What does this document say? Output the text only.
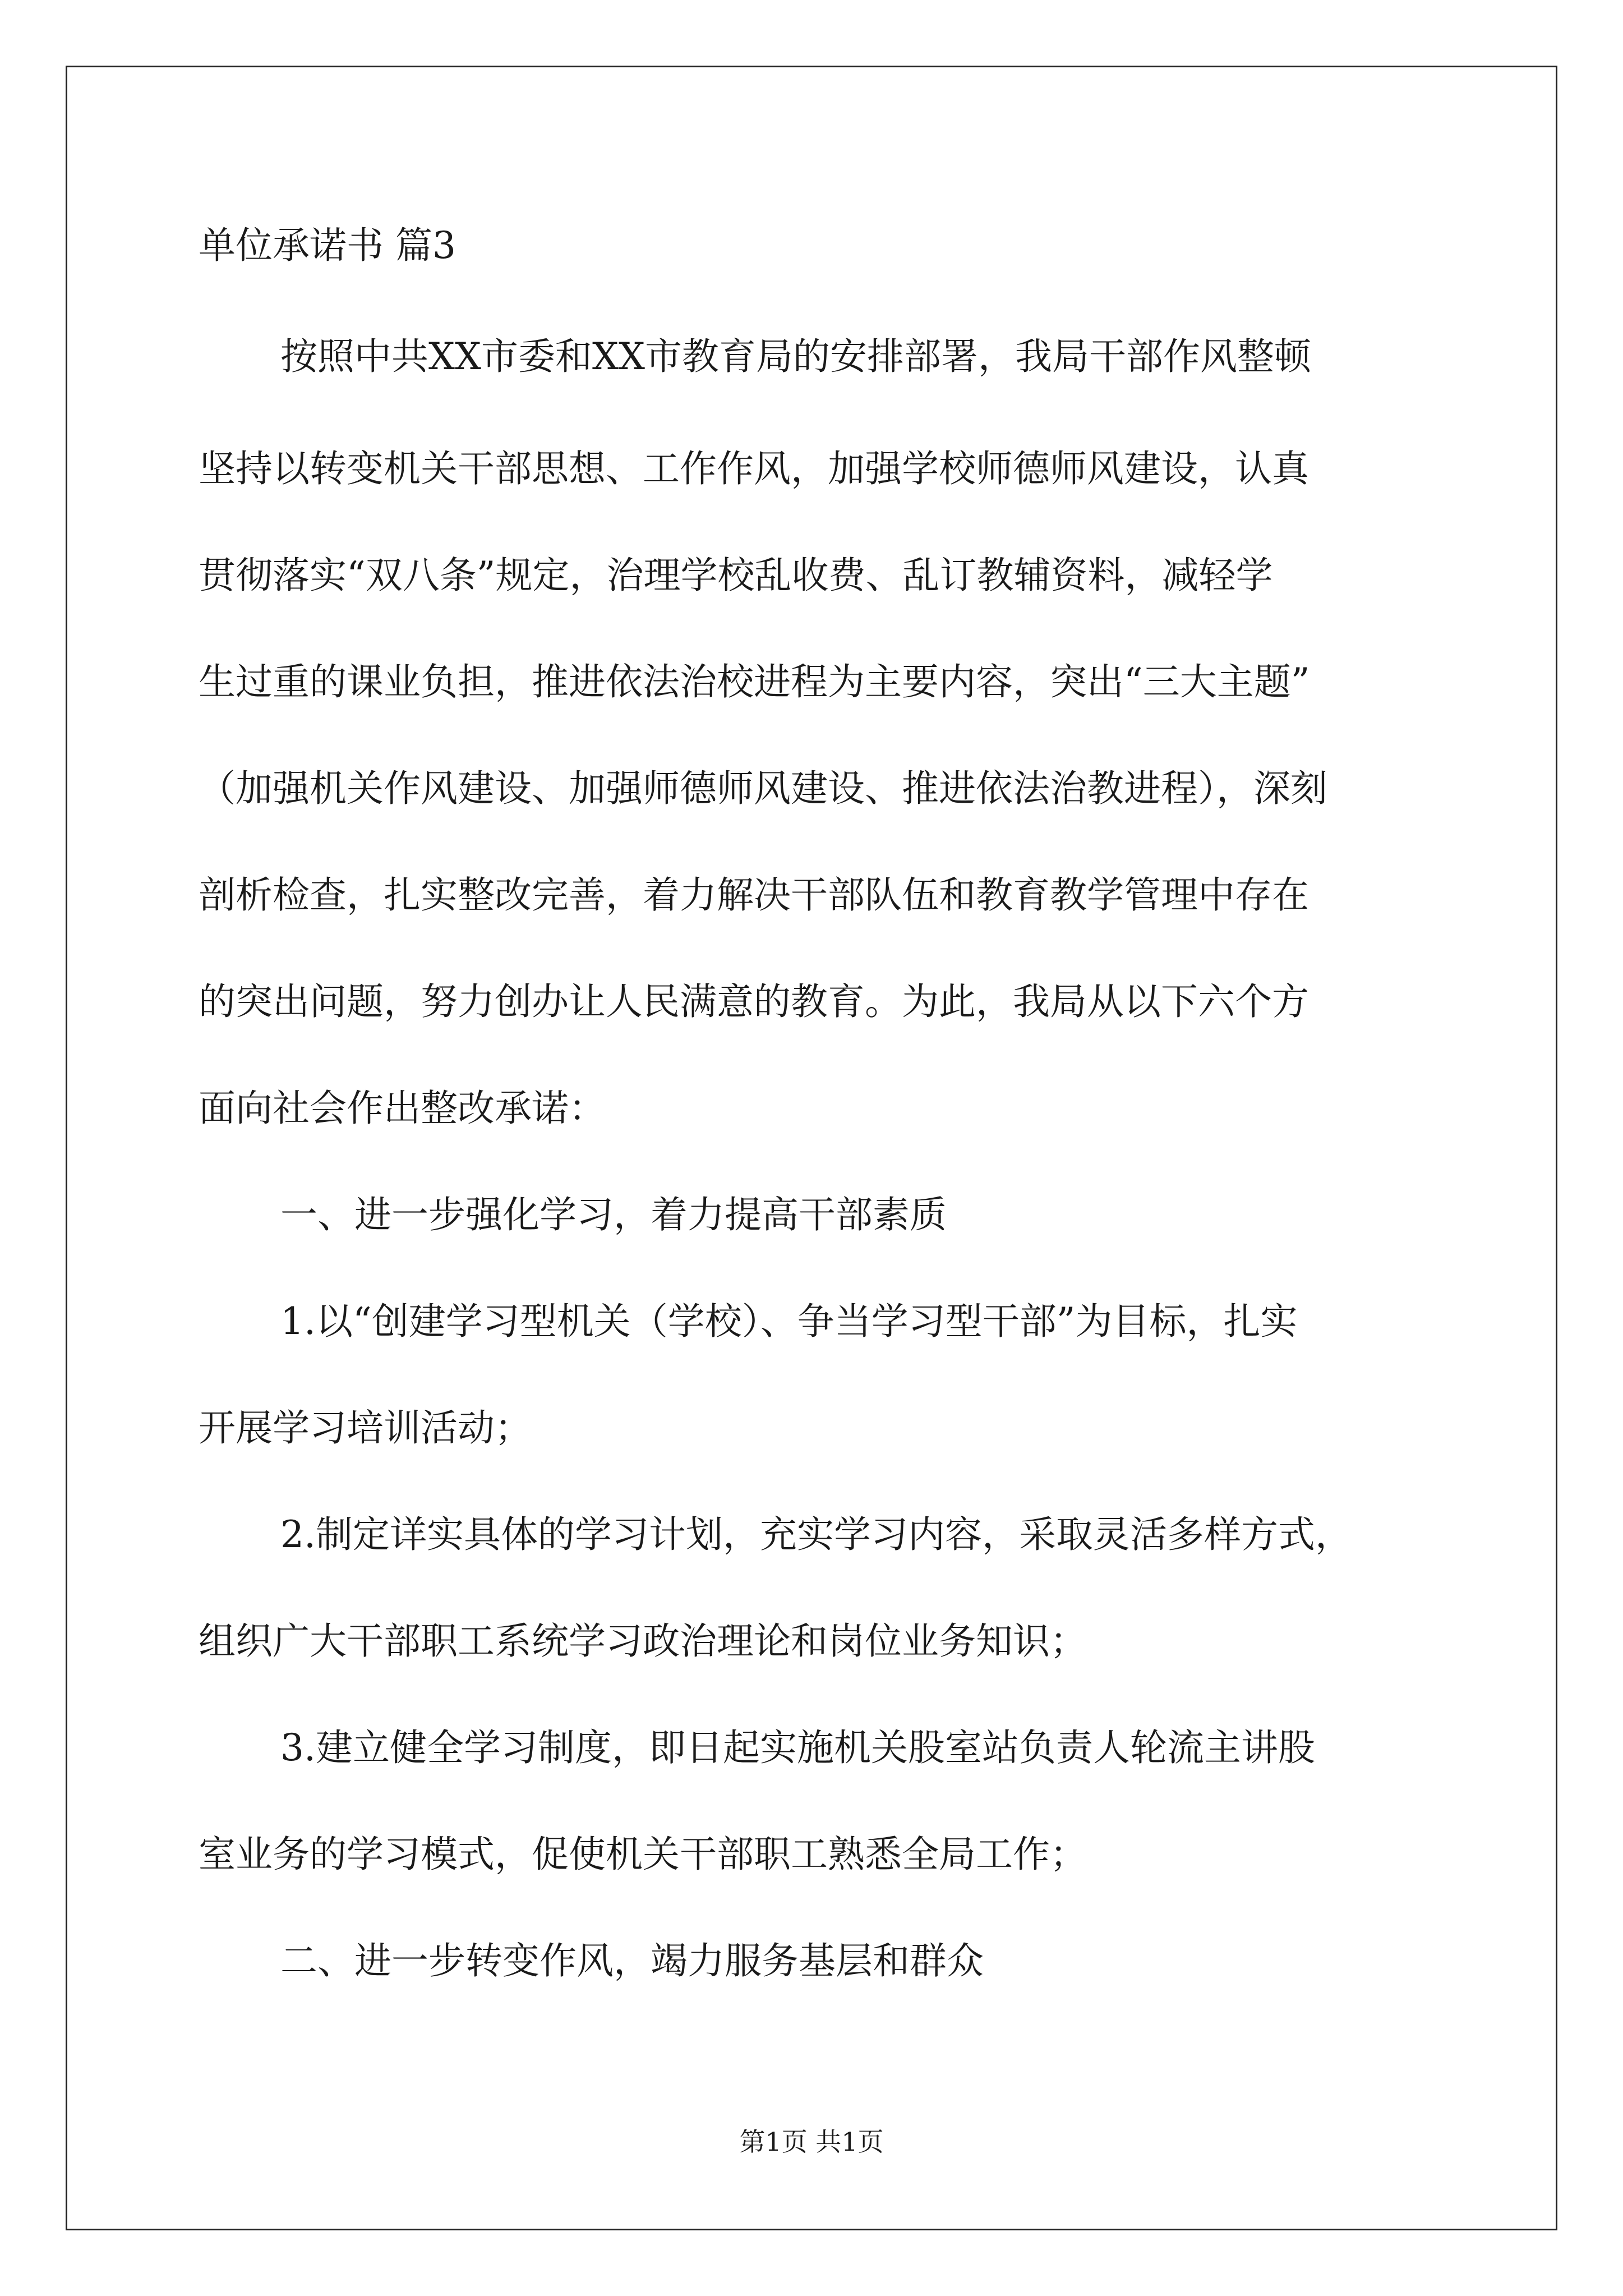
单位承诺书 篇3
按照中共XX市委和XX市教育局的安排部署，我局干部作风整顿
坚持以转变机关干部思想、工作作风，加强学校师德师风建设，认真
贯彻落实“双八条”规定，治理学校乱收费、乱订教辅资料，减轻学
生过重的课业负担，推进依法治校进程为主要内容，突出“三大主题”
（加强机关作风建设、加强师德师风建设、推进依法治教进程），深刻
剖析检查，扎实整改完善，着力解决干部队伍和教育教学管理中存在
的突出问题，努力创办让人民满意的教育。为此，我局从以下六个方
面向社会作出整改承诺：
一、进一步强化学习，着力提高干部素质
1.以“创建学习型机关（学校）、争当学习型干部”为目标，扎实
开展学习培训活动；
2.制定详实具体的学习计划，充实学习内容，采取灵活多样方式，
组织广大干部职工系统学习政治理论和岗位业务知识；
3.建立健全学习制度，即日起实施机关股室站负责人轮流主讲股
室业务的学习模式，促使机关干部职工熟悉全局工作；
二、进一步转变作风，竭力服务基层和群众
第1页 共1页
